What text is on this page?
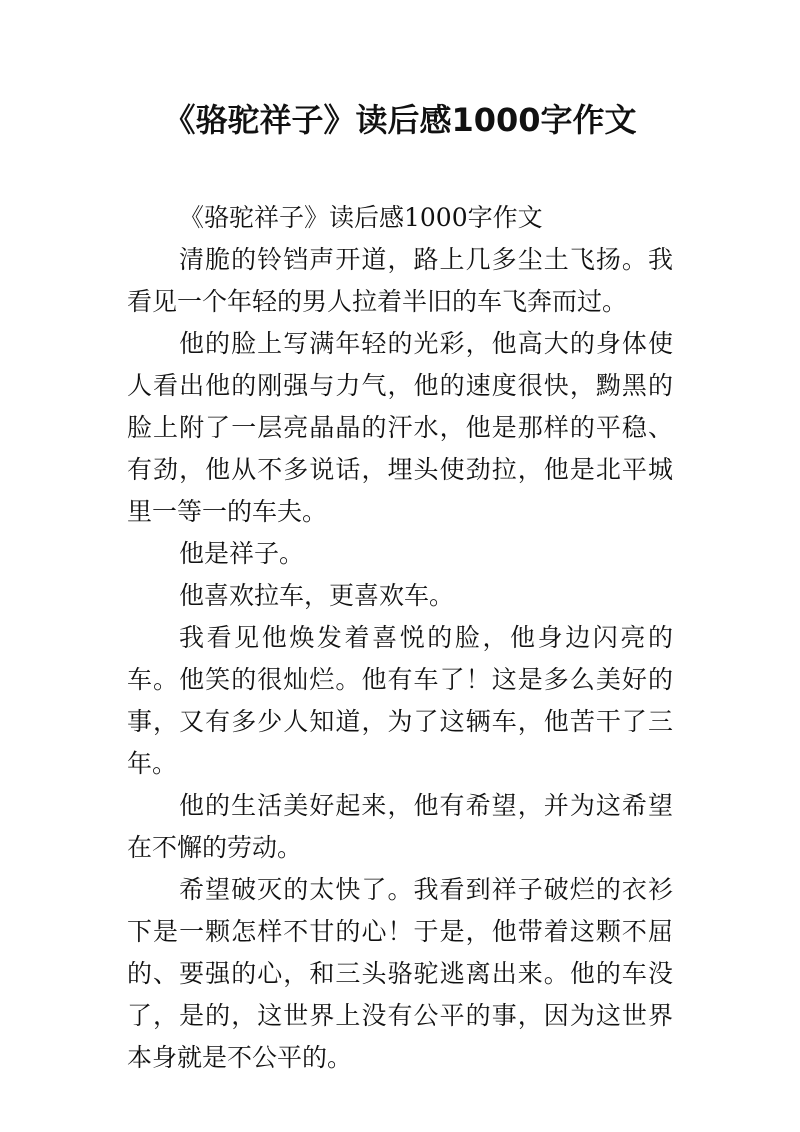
《骆驼祥子》读后感1000字作文

《骆驼祥子》读后感1000字作文

清脆的铃铛声开道，路上几多尘土飞扬。我看见一个年轻的男人拉着半旧的车飞奔而过。

他的脸上写满年轻的光彩，他高大的身体使人看出他的刚强与力气，他的速度很快，黝黑的脸上附了一层亮晶晶的汗水，他是那样的平稳、有劲，他从不多说话，埋头使劲拉，他是北平城里一等一的车夫。

他是祥子。

他喜欢拉车，更喜欢车。

我看见他焕发着喜悦的脸，他身边闪亮的车。他笑的很灿烂。他有车了！这是多么美好的事，又有多少人知道，为了这辆车，他苦干了三年。

他的生活美好起来，他有希望，并为这希望在不懈的劳动。

希望破灭的太快了。我看到祥子破烂的衣衫下是一颗怎样不甘的心！于是，他带着这颗不屈的、要强的心，和三头骆驼逃离出来。他的车没了，是的，这世界上没有公平的事，因为这世界本身就是不公平的。
